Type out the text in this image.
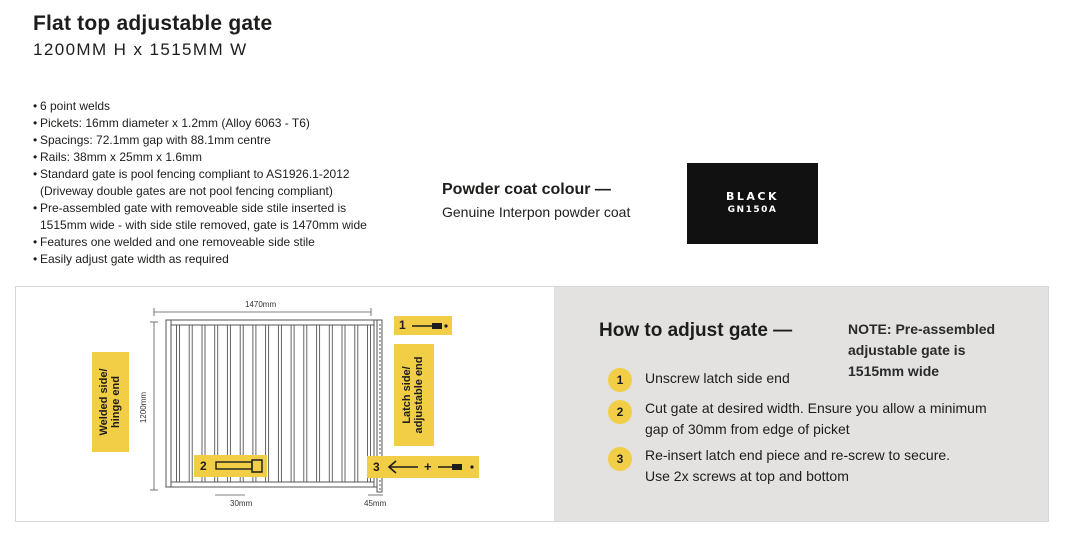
Flat top adjustable gate
1200MM H x 1515MM W
• 6 point welds
• Pickets: 16mm diameter x 1.2mm (Alloy 6063 - T6)
• Spacings: 72.1mm gap with 88.1mm centre
• Rails: 38mm x 25mm x 1.6mm
• Standard gate is pool fencing compliant to AS1926.1-2012
(Driveway double gates are not pool fencing compliant)
• Pre-assembled gate with removeable side stile inserted is
1515mm wide - with side stile removed, gate is 1470mm wide
• Features one welded and one removeable side stile
• Easily adjust gate width as required
Powder coat colour —
Genuine Interpon powder coat
BLACK
GN150A
1470mm
1200mm
30mm	45mm
Welded side/
hinge end	Latch side/
adjustable end
1
2	3	+
How to adjust gate —	NOTE: Pre-assembled
adjustable gate is
1515mm wide
1	Unscrew latch side end
2	Cut gate at desired width. Ensure you allow a minimum
gap of 30mm from edge of picket
3	Re-insert latch end piece and re-screw to secure.
Use 2x screws at top and bottom
